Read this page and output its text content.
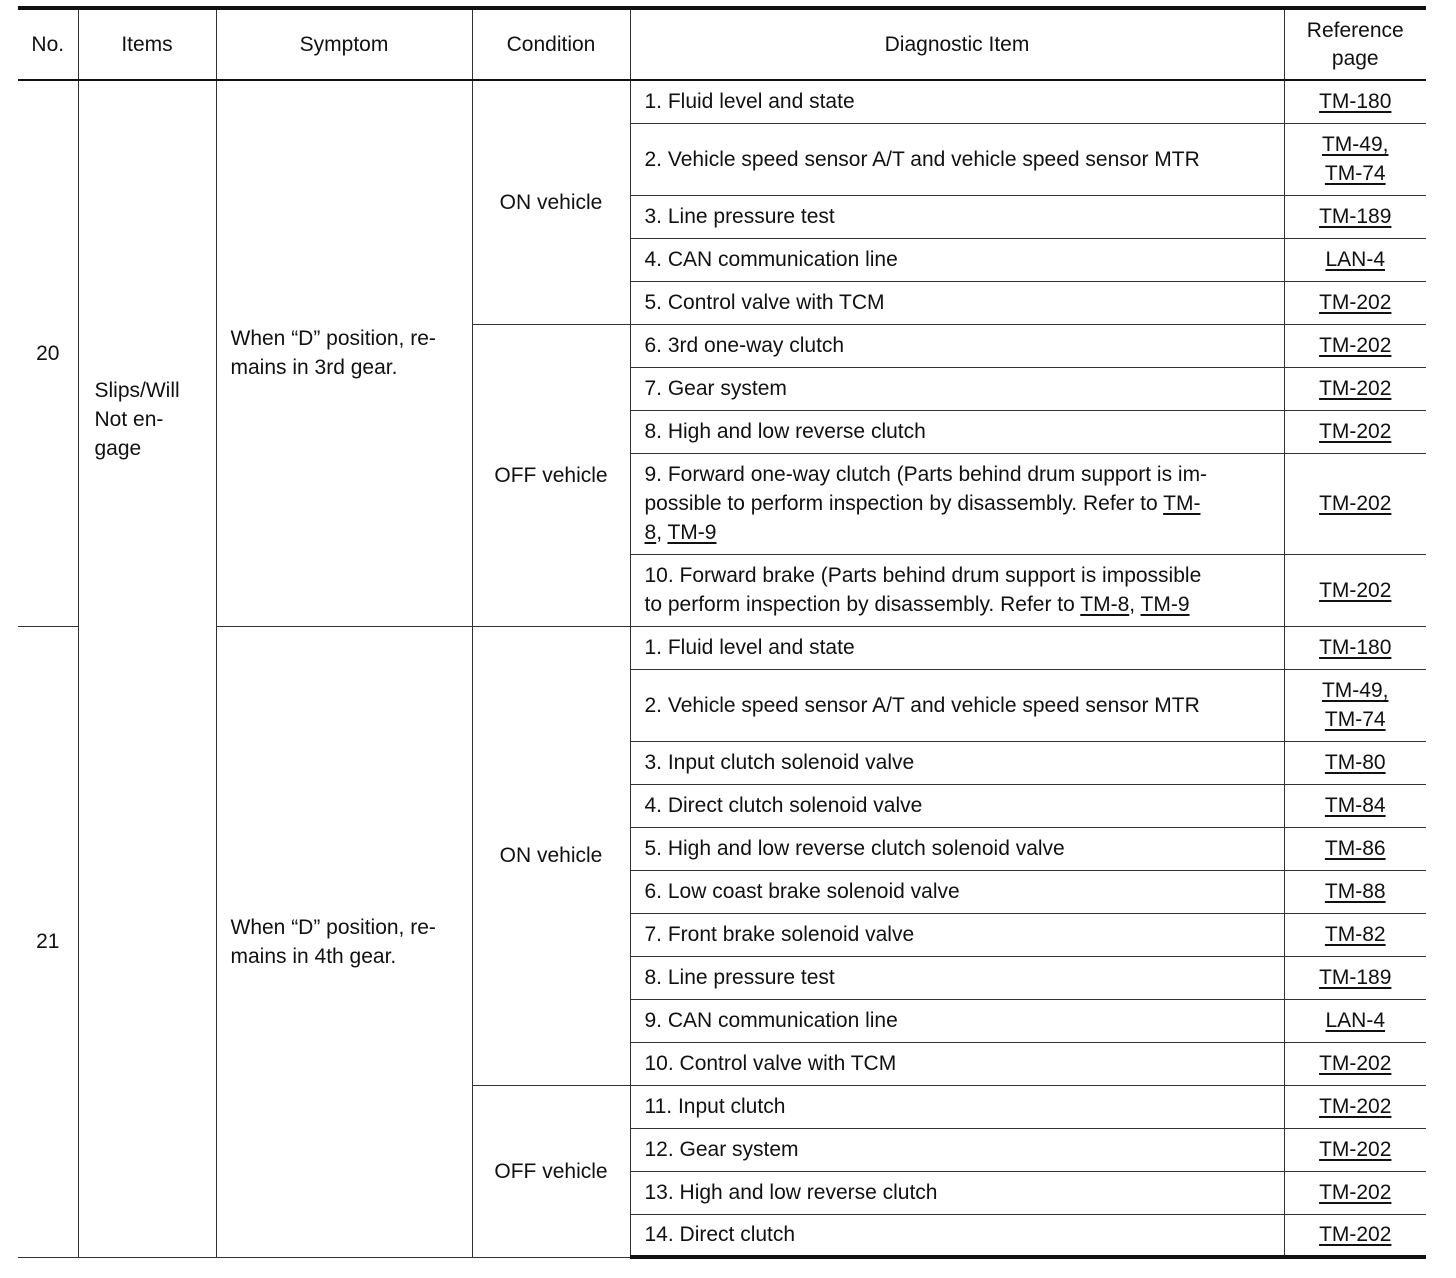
No.	Items	Symptom	Condition	Diagnostic Item	Reference
page

20	Slips/Will
Not en-
gage	When “D” position, re-
mains in 3rd gear.	ON vehicle	1. Fluid level and state	TM-180
				2. Vehicle speed sensor A/T and vehicle speed sensor MTR	TM-49,
TM-74

				3. Line pressure test	TM-189
				4. CAN communication line	LAN-4
				5. Control valve with TCM	TM-202
			OFF vehicle	6. 3rd one-way clutch	TM-202
				7. Gear system	TM-202
				8. High and low reverse clutch	TM-202

				9. Forward one-way clutch (Parts behind drum support is im-
possible to perform inspection by disassembly. Refer to TM-
8, TM-9	TM-202

				10. Forward brake (Parts behind drum support is impossible
to perform inspection by disassembly. Refer to TM-8, TM-9	TM-202
21		When “D” position, re-
mains in 4th gear.	ON vehicle	1. Fluid level and state	TM-180
				2. Vehicle speed sensor A/T and vehicle speed sensor MTR	TM-49,
TM-74

				3. Input clutch solenoid valve	TM-80
				4. Direct clutch solenoid valve	TM-84
				5. High and low reverse clutch solenoid valve	TM-86
				6. Low coast brake solenoid valve	TM-88
				7. Front brake solenoid valve	TM-82
				8. Line pressure test	TM-189
				9. CAN communication line	LAN-4
				10. Control valve with TCM	TM-202
			OFF vehicle	11. Input clutch	TM-202
				12. Gear system	TM-202
				13. High and low reverse clutch	TM-202
				14. Direct clutch	TM-202
